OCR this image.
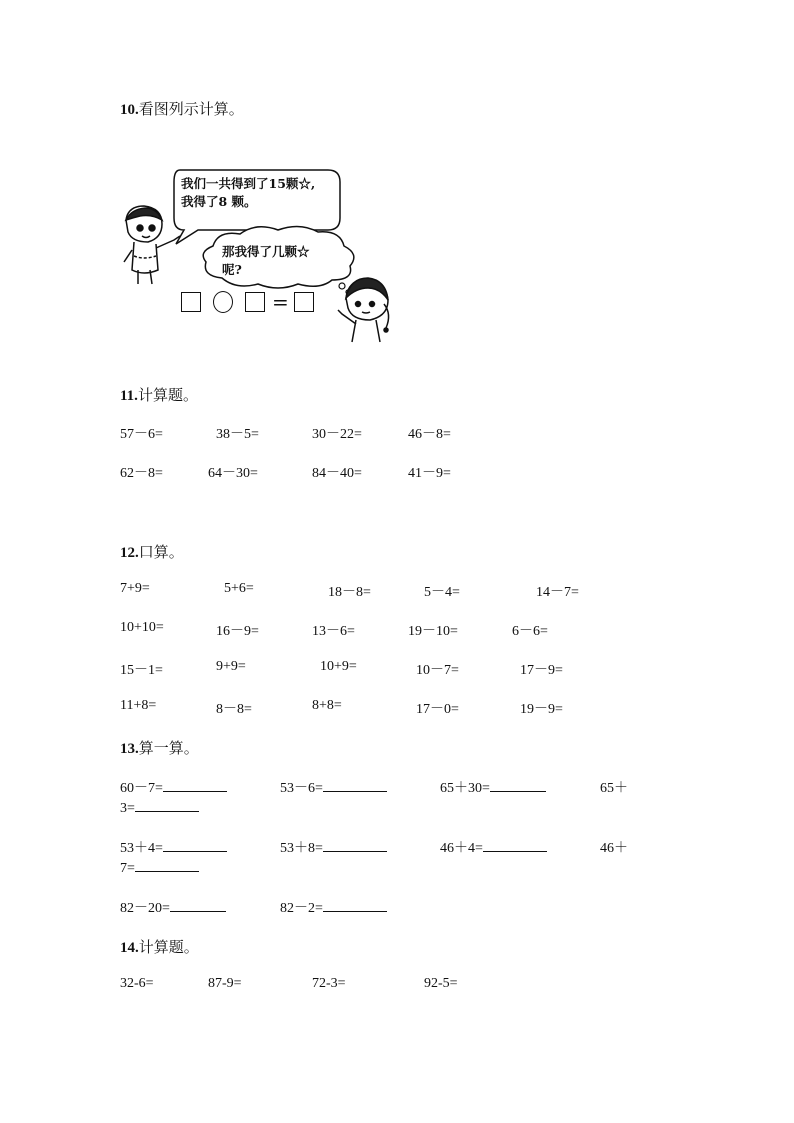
10.看图列示计算。
我们一共得到了15颗☆,
我得了8 颗。
那我得了几颗☆
呢?
=
11.计算题。
57－6=	38－5=	30－22=	46－8=
62－8=	64－30=	84－40=	41－9=
12.口算。
7+9=	5+6=	18－8=	5－4=	14－7=
10+10=	16－9=	13－6=	19－10=	6－6=
15－1=	9+9=	10+9=	10－7=	17－9=
11+8=	8－8=	8+8=	17－0=	19－9=
13.算一算。
60－7=	53－6=	65＋30=	65＋
3=
53＋4=	53＋8=	46＋4=	46＋
7=
82－20=	82－2=
14.计算题。
32-6=	87-9=	72-3=	92-5=
